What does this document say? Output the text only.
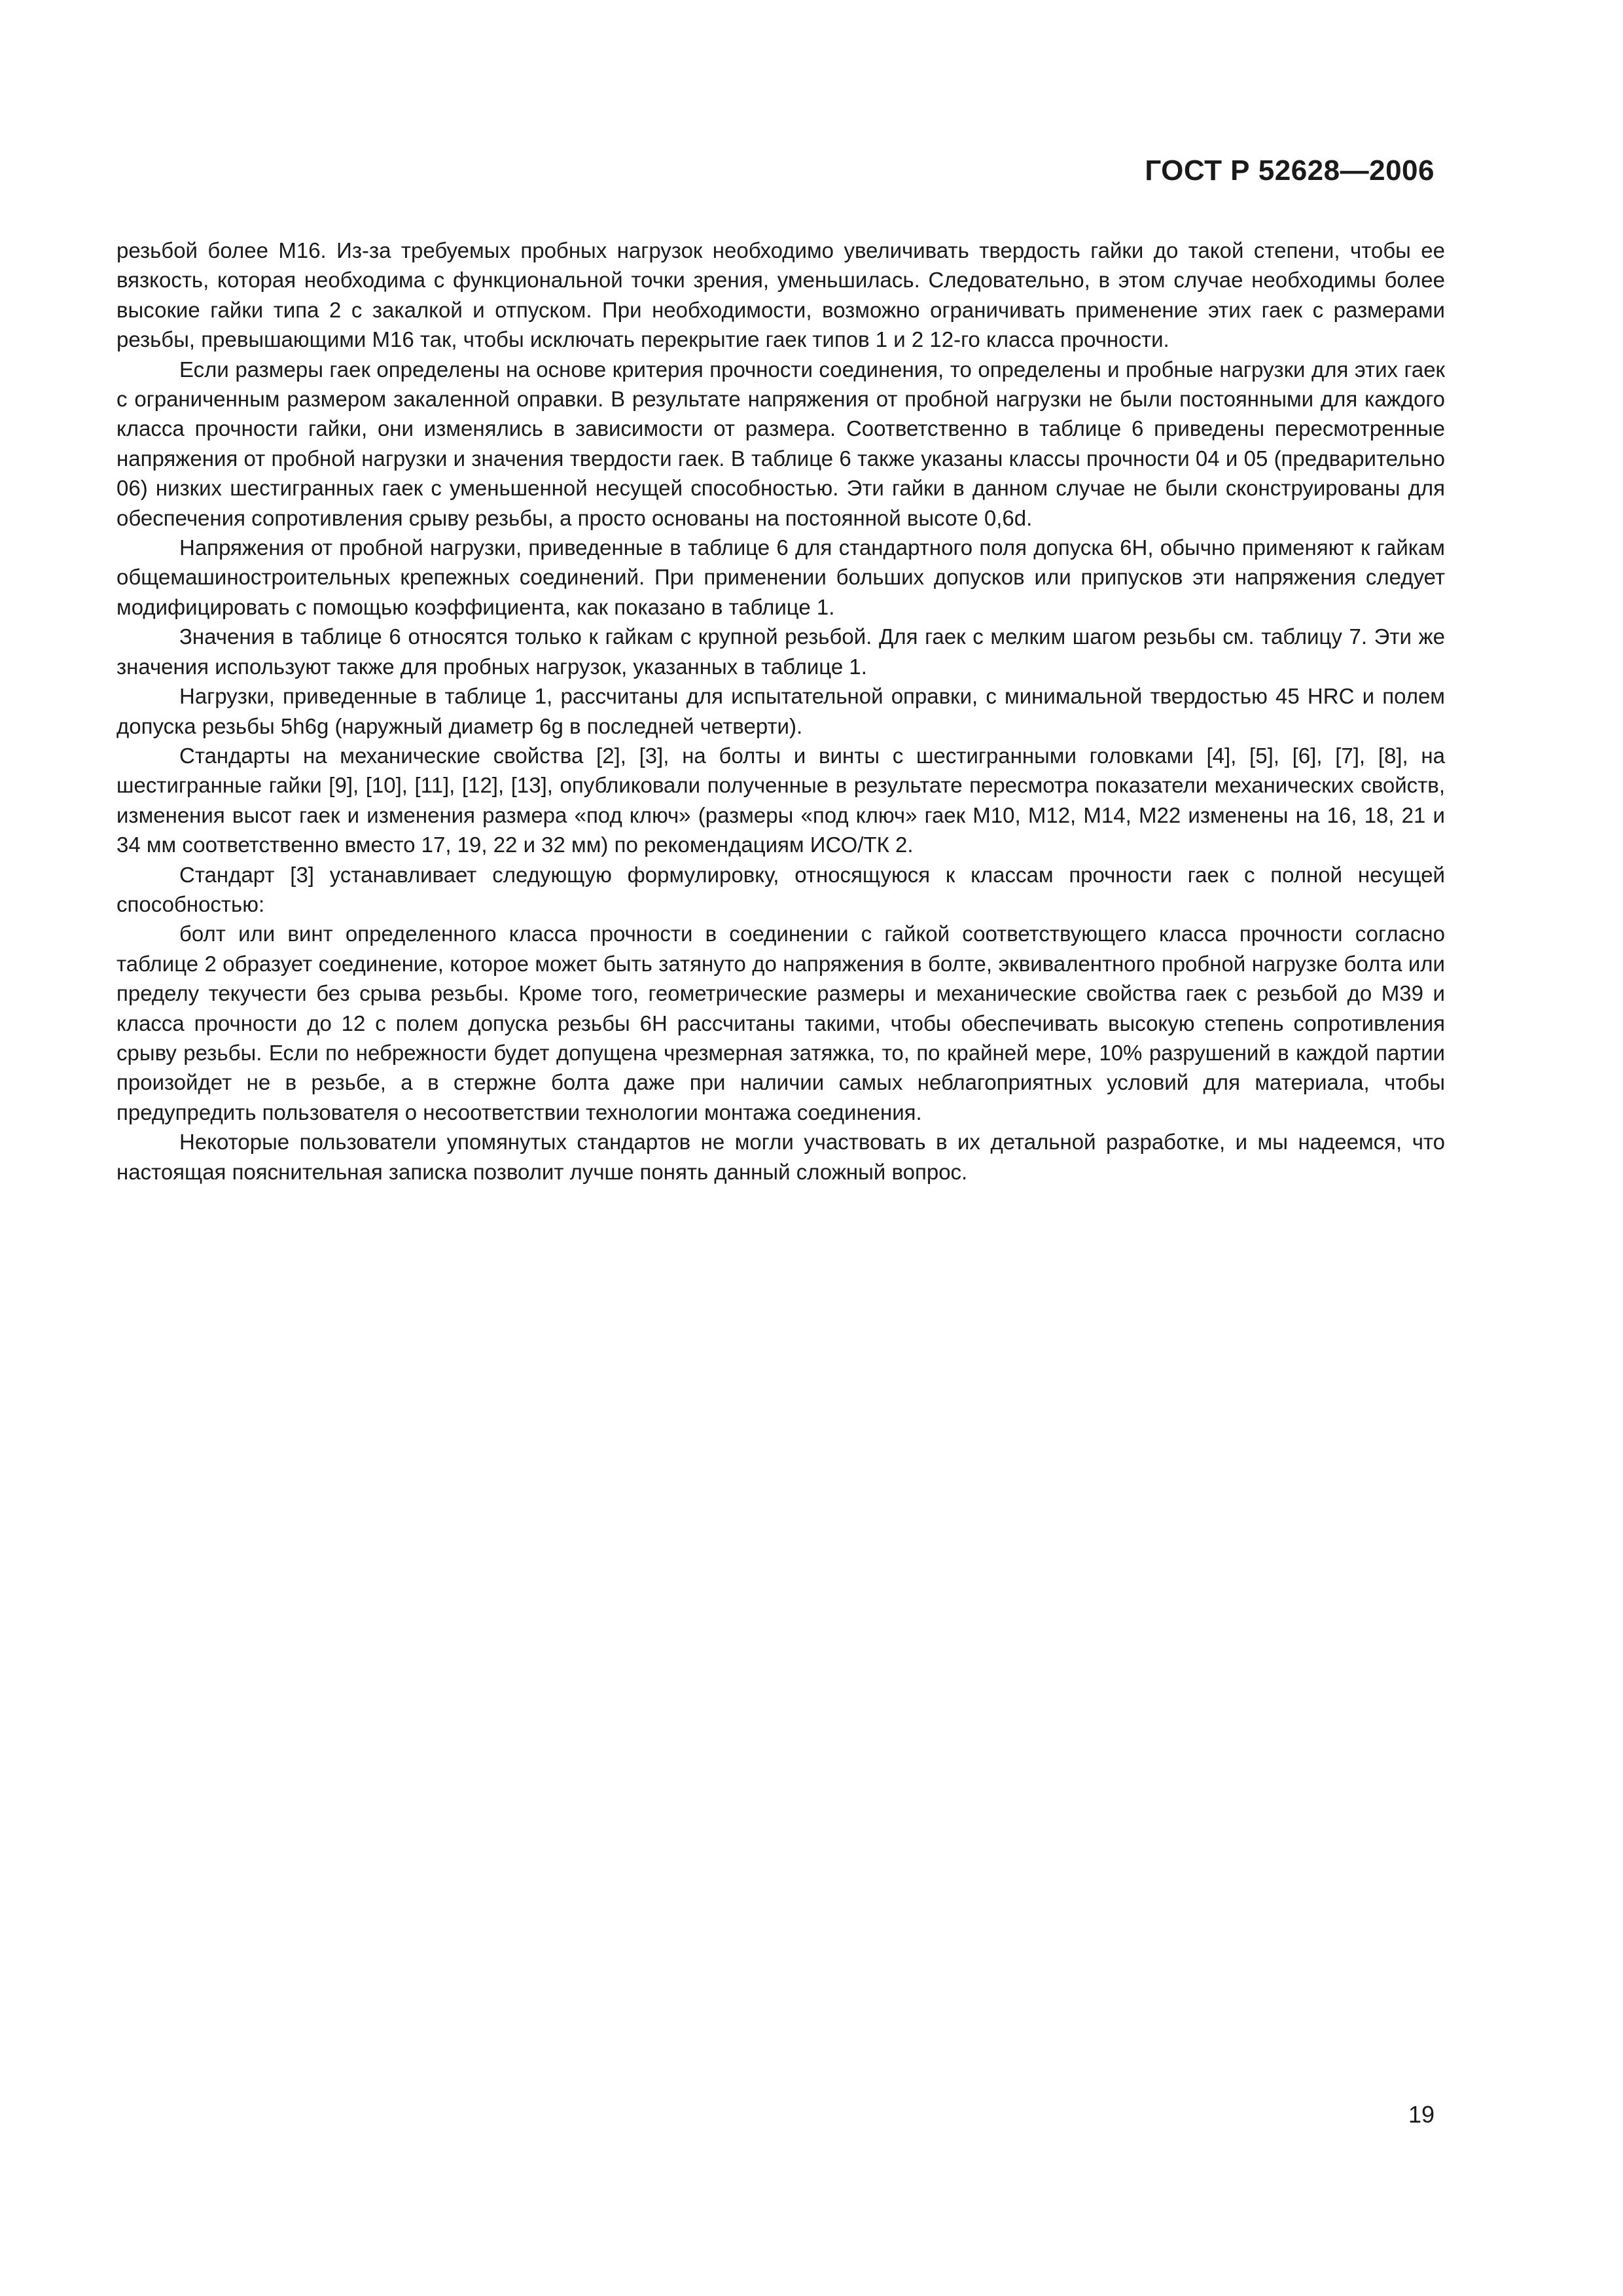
ГОСТ Р 52628—2006

резьбой более М16. Из-за требуемых пробных нагрузок необходимо увеличивать твердость гайки до такой степени, чтобы ее вязкость, которая необходима с функциональной точки зрения, уменьшилась. Следовательно, в этом случае необходимы более высокие гайки типа 2 с закалкой и отпуском. При необходимости, возможно ограничивать применение этих гаек с размерами резьбы, превышающими М16 так, чтобы исключать перекрытие гаек типов 1 и 2 12-го класса прочности.

Если размеры гаек определены на основе критерия прочности соединения, то определены и пробные нагрузки для этих гаек с ограниченным размером закаленной оправки. В результате напряжения от пробной нагрузки не были постоянными для каждого класса прочности гайки, они изменялись в зависимости от размера. Соответственно в таблице 6 приведены пересмотренные напряжения от пробной нагрузки и значения твердости гаек. В таблице 6 также указаны классы прочности 04 и 05 (предварительно 06) низких шестигранных гаек с уменьшенной несущей способностью. Эти гайки в данном случае не были сконструированы для обеспечения сопротивления срыву резьбы, а просто основаны на постоянной высоте 0,6d.

Напряжения от пробной нагрузки, приведенные в таблице 6 для стандартного поля допуска 6Н, обычно применяют к гайкам общемашиностроительных крепежных соединений. При применении больших допусков или припусков эти напряжения следует модифицировать с помощью коэффициента, как показано в таблице 1.

Значения в таблице 6 относятся только к гайкам с крупной резьбой. Для гаек с мелким шагом резьбы см. таблицу 7. Эти же значения используют также для пробных нагрузок, указанных в таблице 1.

Нагрузки, приведенные в таблице 1, рассчитаны для испытательной оправки, с минимальной твердостью 45 HRC и полем допуска резьбы 5h6g (наружный диаметр 6g в последней четверти).

Стандарты на механические свойства [2], [3], на болты и винты с шестигранными головками [4], [5], [6], [7], [8], на шестигранные гайки [9], [10], [11], [12], [13], опубликовали полученные в результате пересмотра показатели механических свойств, изменения высот гаек и изменения размера «под ключ» (размеры «под ключ» гаек М10, М12, М14, М22 изменены на 16, 18, 21 и 34 мм соответственно вместо 17, 19, 22 и 32 мм) по рекомендациям ИСО/ТК 2.

Стандарт [3] устанавливает следующую формулировку, относящуюся к классам прочности гаек с полной несущей способностью:

болт или винт определенного класса прочности в соединении с гайкой соответствующего класса прочности согласно таблице 2 образует соединение, которое может быть затянуто до напряжения в болте, эквивалентного пробной нагрузке болта или пределу текучести без срыва резьбы. Кроме того, геометрические размеры и механические свойства гаек с резьбой до М39 и класса прочности до 12 с полем допуска резьбы 6Н рассчитаны такими, чтобы обеспечивать высокую степень сопротивления срыву резьбы. Если по небрежности будет допущена чрезмерная затяжка, то, по крайней мере, 10% разрушений в каждой партии произойдет не в резьбе, а в стержне болта даже при наличии самых неблагоприятных условий для материала, чтобы предупредить пользователя о несоответствии технологии монтажа соединения.

Некоторые пользователи упомянутых стандартов не могли участвовать в их детальной разработке, и мы надеемся, что настоящая пояснительная записка позволит лучше понять данный сложный вопрос.

19
